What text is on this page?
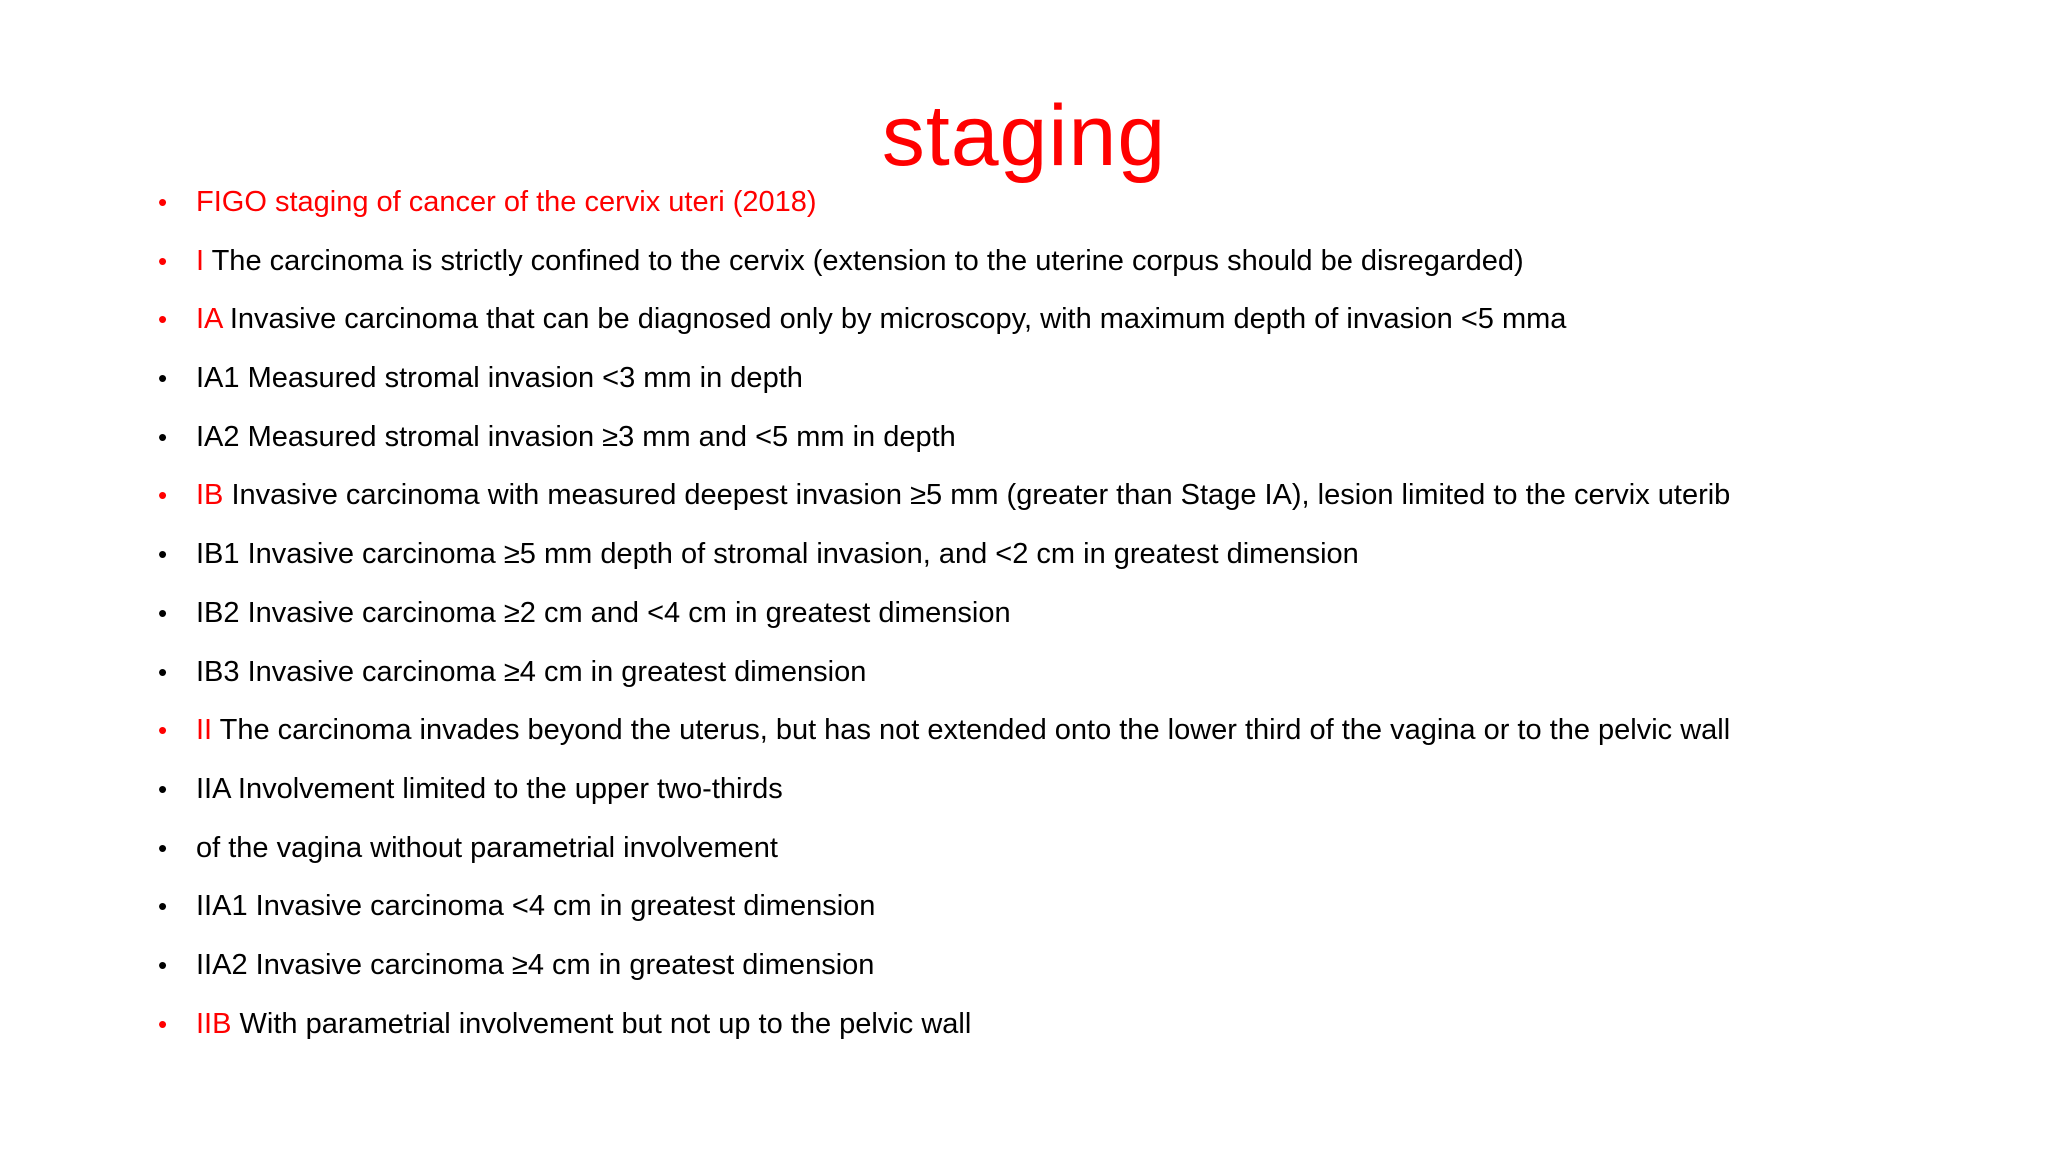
staging
• FIGO staging of cancer of the cervix uteri (2018)
• I The carcinoma is strictly confined to the cervix (extension to the uterine corpus should be disregarded)
• IA Invasive carcinoma that can be diagnosed only by microscopy, with maximum depth of invasion <5 mma
• IA1 Measured stromal invasion <3 mm in depth
• IA2 Measured stromal invasion ≥3 mm and <5 mm in depth
• IB Invasive carcinoma with measured deepest invasion ≥5 mm (greater than Stage IA), lesion limited to the cervix uterib
• IB1 Invasive carcinoma ≥5 mm depth of stromal invasion, and <2 cm in greatest dimension
• IB2 Invasive carcinoma ≥2 cm and <4 cm in greatest dimension
• IB3 Invasive carcinoma ≥4 cm in greatest dimension
• II The carcinoma invades beyond the uterus, but has not extended onto the lower third of the vagina or to the pelvic wall
• IIA Involvement limited to the upper two-thirds
• of the vagina without parametrial involvement
• IIA1 Invasive carcinoma <4 cm in greatest dimension
• IIA2 Invasive carcinoma ≥4 cm in greatest dimension
• IIB With parametrial involvement but not up to the pelvic wall
